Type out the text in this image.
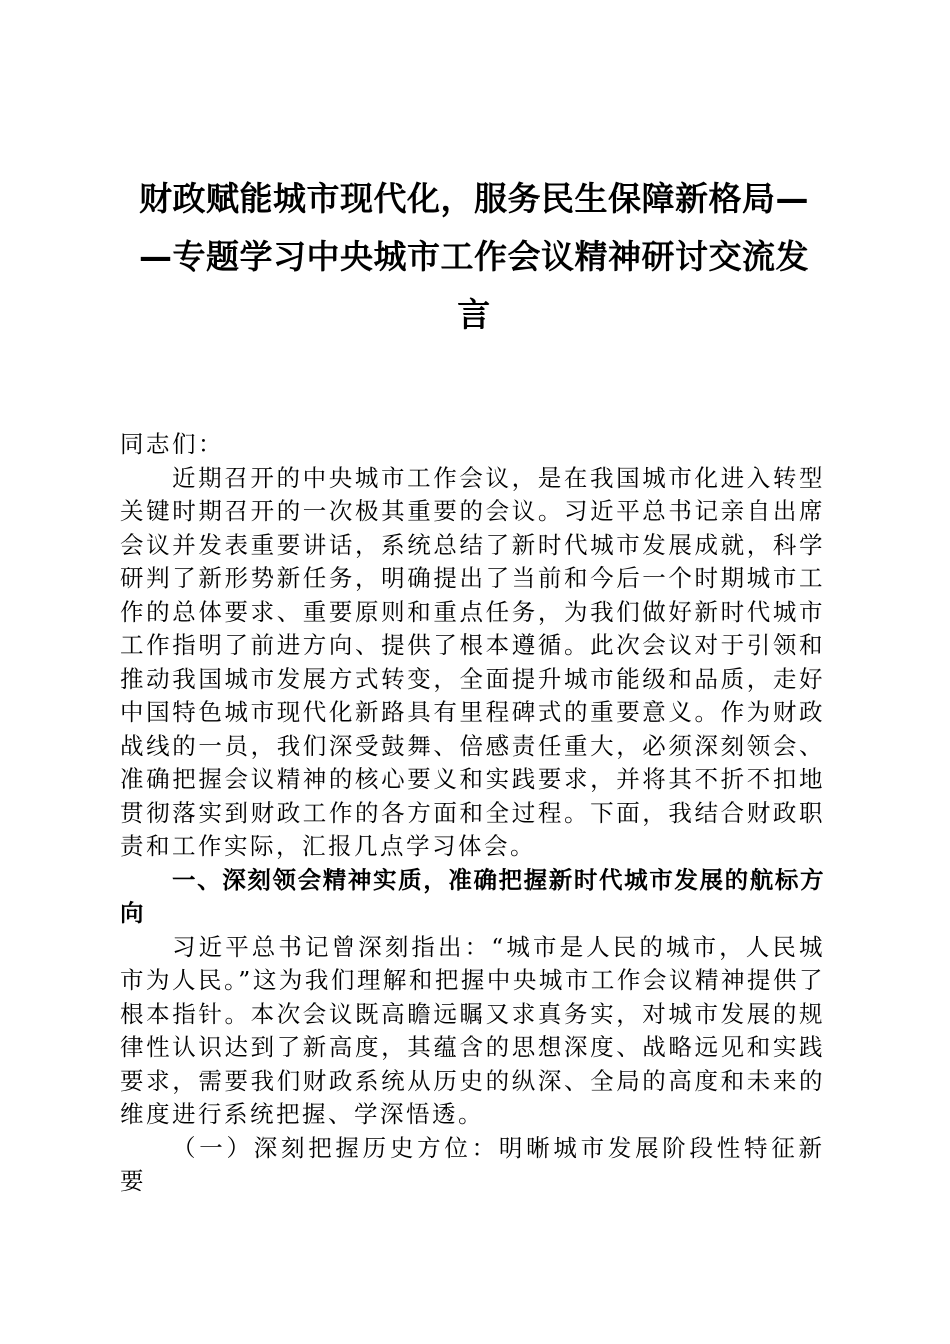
财政赋能城市现代化，服务民生保障新格局—
—专题学习中央城市工作会议精神研讨交流发
言

同志们：

近期召开的中央城市工作会议，是在我国城市化进入转型关键时期召开的一次极其重要的会议。习近平总书记亲自出席会议并发表重要讲话，系统总结了新时代城市发展成就，科学研判了新形势新任务，明确提出了当前和今后一个时期城市工作的总体要求、重要原则和重点任务，为我们做好新时代城市工作指明了前进方向、提供了根本遵循。此次会议对于引领和推动我国城市发展方式转变，全面提升城市能级和品质，走好中国特色城市现代化新路具有里程碑式的重要意义。作为财政战线的一员，我们深受鼓舞、倍感责任重大，必须深刻领会、准确把握会议精神的核心要义和实践要求，并将其不折不扣地贯彻落实到财政工作的各方面和全过程。下面，我结合财政职责和工作实际，汇报几点学习体会。

一、深刻领会精神实质，准确把握新时代城市发展的航标方向

习近平总书记曾深刻指出：“城市是人民的城市，人民城市为人民。”这为我们理解和把握中央城市工作会议精神提供了根本指针。本次会议既高瞻远瞩又求真务实，对城市发展的规律性认识达到了新高度，其蕴含的思想深度、战略远见和实践要求，需要我们财政系统从历史的纵深、全局的高度和未来的维度进行系统把握、学深悟透。

（一）深刻把握历史方位：明晰城市发展阶段性特征新要
